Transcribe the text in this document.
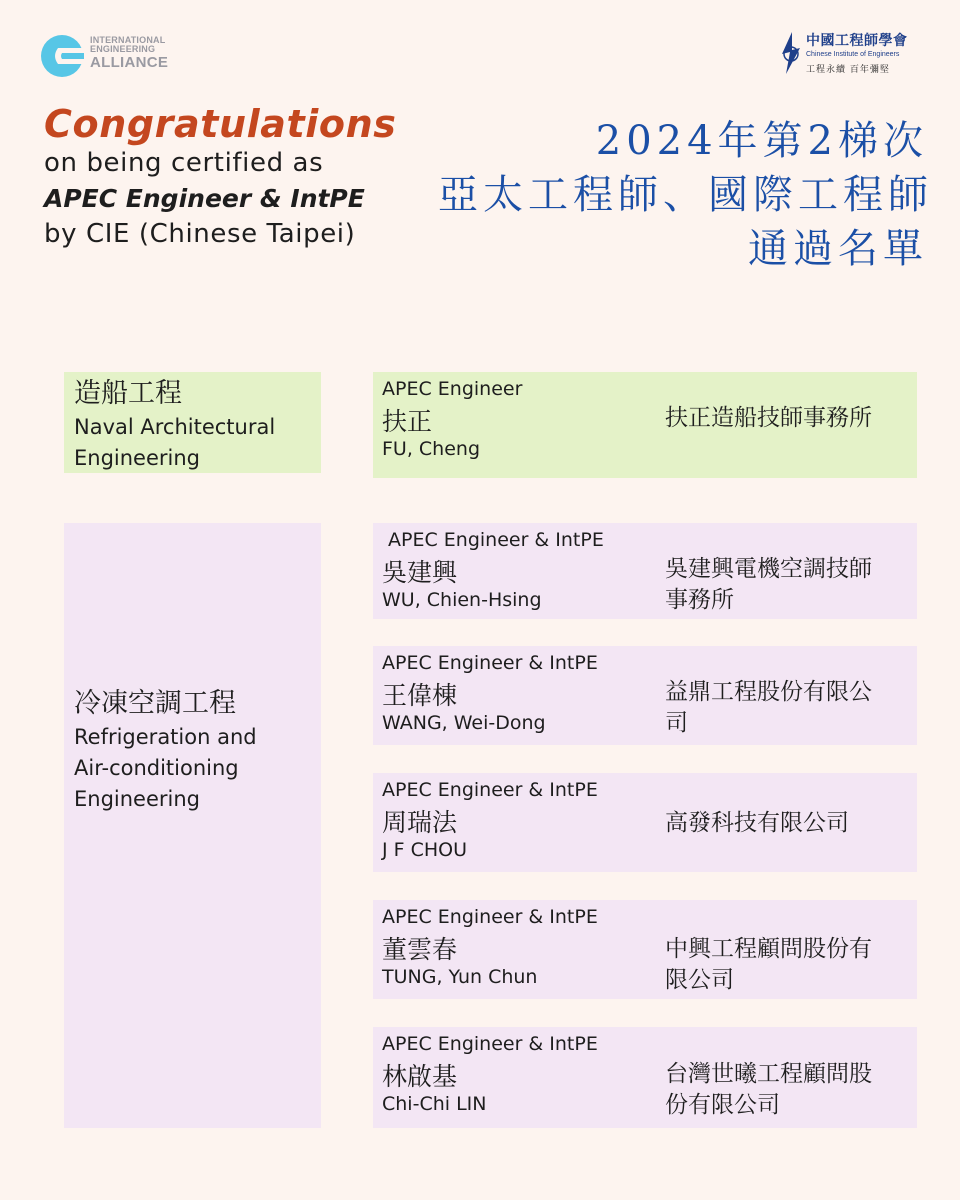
INTERNATIONAL
ENGINEERING
ALLIANCE
中國工程師學會
Chinese Institute of Engineers
工程永續 百年彌堅
Congratulations
on being certified as
APEC Engineer & IntPE
by CIE (Chinese Taipei)
2024年第2梯次
亞太工程師、國際工程師
通過名單
造船工程
Naval Architectural
Engineering
APEC Engineer
扶正
FU, Cheng
扶正造船技師事務所
冷凍空調工程
Refrigeration and
Air-conditioning
Engineering
APEC Engineer & IntPE
吳建興
WU, Chien-Hsing
吳建興電機空調技師
事務所
APEC Engineer & IntPE
王偉棟
WANG, Wei-Dong
益鼎工程股份有限公
司
APEC Engineer & IntPE
周瑞法
J F CHOU
高發科技有限公司
APEC Engineer & IntPE
董雲春
TUNG, Yun Chun
中興工程顧問股份有
限公司
APEC Engineer & IntPE
林啟基
Chi-Chi LIN
台灣世曦工程顧問股
份有限公司
